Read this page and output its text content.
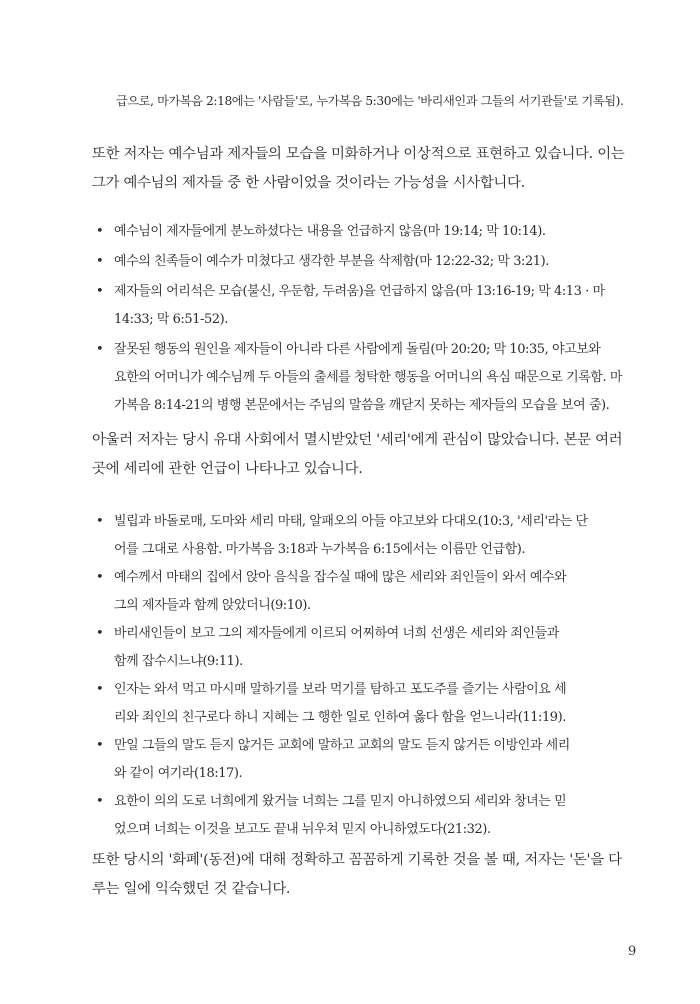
급으로, 마가복음 2:18에는 '사람들'로, 누가복음 5:30에는 '바리새인과 그들의 서기관들'로 기록됨).
또한 저자는 예수님과 제자들의 모습을 미화하거나 이상적으로 표현하고 있습니다. 이는
그가 예수님의 제자들 중 한 사람이었을 것이라는 가능성을 시사합니다.
• 예수님이 제자들에게 분노하셨다는 내용을 언급하지 않음(마 19:14; 막 10:14).
• 예수의 친족들이 예수가 미쳤다고 생각한 부분을 삭제함(마 12:22-32; 막 3:21).
• 제자들의 어리석은 모습(불신, 우둔함, 두려움)을 언급하지 않음(마 13:16-19; 막 4:13 · 마
14:33; 막 6:51-52).
• 잘못된 행동의 원인을 제자들이 아니라 다른 사람에게 돌림(마 20:20; 막 10:35, 야고보와
요한의 어머니가 예수님께 두 아들의 출세를 청탁한 행동을 어머니의 욕심 때문으로 기록함. 마
가복음 8:14-21의 병행 본문에서는 주님의 말씀을 깨닫지 못하는 제자들의 모습을 보여 줌).
아울러 저자는 당시 유대 사회에서 멸시받았던 '세리'에게 관심이 많았습니다. 본문 여러
곳에 세리에 관한 언급이 나타나고 있습니다.
• 빌립과 바돌로매, 도마와 세리 마태, 알패오의 아들 야고보와 다대오(10:3, '세리'라는 단
어를 그대로 사용함. 마가복음 3:18과 누가복음 6:15에서는 이름만 언급함).
• 예수께서 마태의 집에서 앉아 음식을 잡수실 때에 많은 세리와 죄인들이 와서 예수와
그의 제자들과 함께 앉았더니(9:10).
• 바리새인들이 보고 그의 제자들에게 이르되 어찌하여 너희 선생은 세리와 죄인들과
함께 잡수시느냐(9:11).
• 인자는 와서 먹고 마시매 말하기를 보라 먹기를 탐하고 포도주를 즐기는 사람이요 세
리와 죄인의 친구로다 하니 지혜는 그 행한 일로 인하여 옳다 함을 얻느니라(11:19).
• 만일 그들의 말도 듣지 않거든 교회에 말하고 교회의 말도 듣지 않거든 이방인과 세리
와 같이 여기라(18:17).
• 요한이 의의 도로 너희에게 왔거늘 너희는 그를 믿지 아니하였으되 세리와 창녀는 믿
었으며 너희는 이것을 보고도 끝내 뉘우쳐 믿지 아니하였도다(21:32).
또한 당시의 '화폐'(동전)에 대해 정확하고 꼼꼼하게 기록한 것을 볼 때, 저자는 '돈'을 다
루는 일에 익숙했던 것 같습니다.
9
